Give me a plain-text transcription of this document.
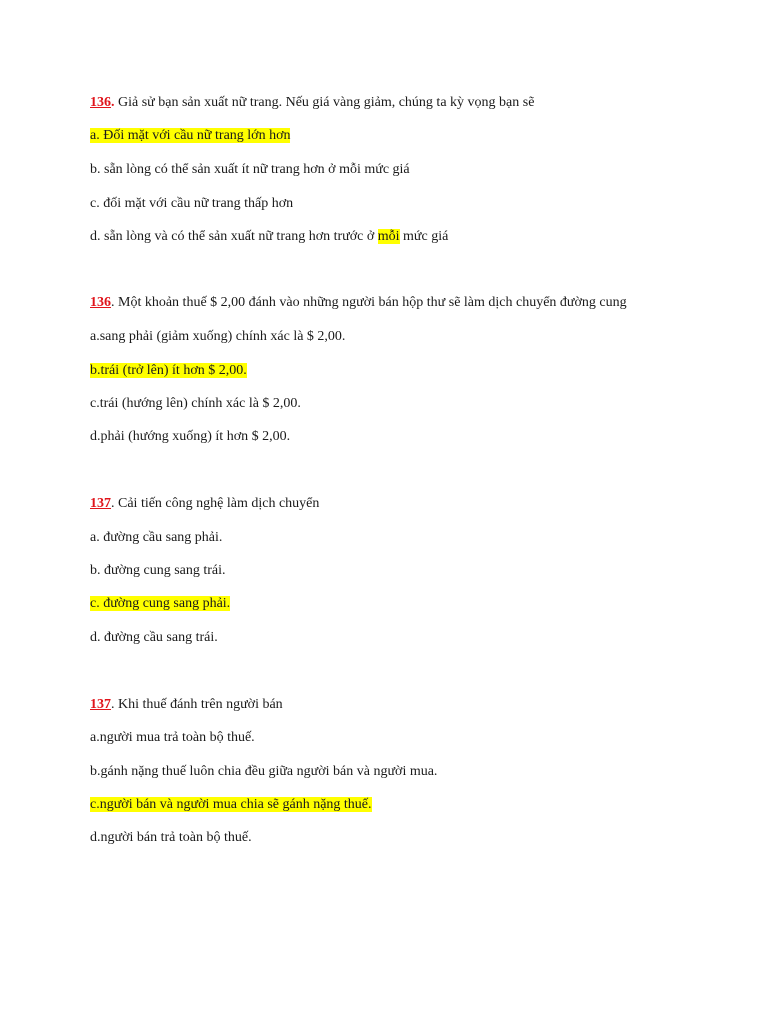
136. Giả sử bạn sản xuất nữ trang. Nếu giá vàng giảm, chúng ta kỳ vọng bạn sẽ
a. Đối mặt với cầu nữ trang lớn hơn
b. sẵn lòng có thể sản xuất ít nữ trang hơn ở mỗi mức giá
c. đối mặt với cầu nữ trang thấp hơn
d. sẵn lòng và có thể sản xuất nữ trang hơn trước ở mỗi mức giá
136. Một khoản thuế $ 2,00 đánh vào những người bán hộp thư sẽ làm dịch chuyển đường cung
a.sang phải (giảm xuống) chính xác là $ 2,00.
b.trái (trở lên) ít hơn $ 2,00.
c.trái (hướng lên) chính xác là $ 2,00.
d.phải (hướng xuống) ít hơn $ 2,00.
137. Cải tiến công nghệ làm dịch chuyển
a. đường cầu sang phải.
b. đường cung sang trái.
c. đường cung sang phải.
d. đường cầu sang trái.
137. Khi thuế đánh trên người bán
a.người mua trả toàn bộ thuế.
b.gánh nặng thuế luôn chia đều giữa người bán và người mua.
c.người bán và người mua chia sẽ gánh nặng thuế.
d.người bán trả toàn bộ thuế.
